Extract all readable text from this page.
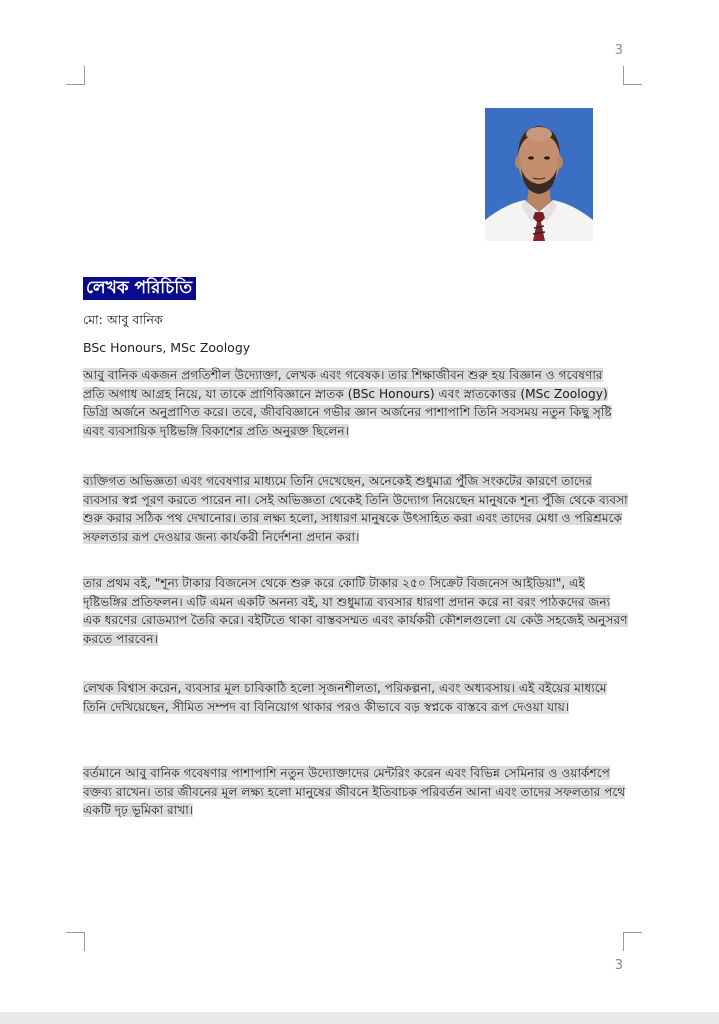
3
লেখক পরিচিতি
মো: আবু বানিক
BSc Honours, MSc Zoology

আবু বানিক একজন প্রগতিশীল উদ্যোক্তা, লেখক এবং গবেষক। তার শিক্ষাজীবন শুরু হয় বিজ্ঞান ও গবেষণার প্রতি অগাধ আগ্রহ নিয়ে, যা তাকে প্রাণিবিজ্ঞানে স্নাতক (BSc Honours) এবং স্নাতকোত্তর (MSc Zoology) ডিগ্রি অর্জনে অনুপ্রাণিত করে। তবে, জীববিজ্ঞানে গভীর জ্ঞান অর্জনের পাশাপাশি তিনি সবসময় নতুন কিছু সৃষ্টি এবং ব্যবসায়িক দৃষ্টিভঙ্গি বিকাশের প্রতি অনুরক্ত ছিলেন।

ব্যক্তিগত অভিজ্ঞতা এবং গবেষণার মাধ্যমে তিনি দেখেছেন, অনেকেই শুধুমাত্র পুঁজি সংকটের কারণে তাদের ব্যবসার স্বপ্ন পূরণ করতে পারেন না। সেই অভিজ্ঞতা থেকেই তিনি উদ্যোগ নিয়েছেন মানুষকে শূন্য পুঁজি থেকে ব্যবসা শুরু করার সঠিক পথ দেখানোর। তার লক্ষ্য হলো, সাধারণ মানুষকে উৎসাহিত করা এবং তাদের মেধা ও পরিশ্রমকে সফলতার রূপ দেওয়ার জন্য কার্যকরী নির্দেশনা প্রদান করা।

তার প্রথম বই, "শূন্য টাকার বিজনেস থেকে শুরু করে কোটি টাকার ২৫০ সিক্রেট বিজনেস আইডিয়া", এই দৃষ্টিভঙ্গির প্রতিফলন। এটি এমন একটি অনন্য বই, যা শুধুমাত্র ব্যবসার ধারণা প্রদান করে না বরং পাঠকদের জন্য এক ধরণের রোডম্যাপ তৈরি করে। বইটিতে থাকা বাস্তবসম্মত এবং কার্যকরী কৌশলগুলো যে কেউ সহজেই অনুসরণ করতে পারবেন।

লেখক বিশ্বাস করেন, ব্যবসার মূল চাবিকাঠি হলো সৃজনশীলতা, পরিকল্পনা, এবং অধ্যবসায়। এই বইয়ের মাধ্যমে তিনি দেখিয়েছেন, সীমিত সম্পদ বা বিনিয়োগ থাকার পরও কীভাবে বড় স্বপ্নকে বাস্তবে রূপ দেওয়া যায়।

বর্তমানে আবু বানিক গবেষণার পাশাপাশি নতুন উদ্যোক্তাদের মেন্টরিং করেন এবং বিভিন্ন সেমিনার ও ওয়ার্কশপে বক্তব্য রাখেন। তার জীবনের মূল লক্ষ্য হলো মানুষের জীবনে ইতিবাচক পরিবর্তন আনা এবং তাদের সফলতার পথে একটি দৃঢ় ভূমিকা রাখা।

3
